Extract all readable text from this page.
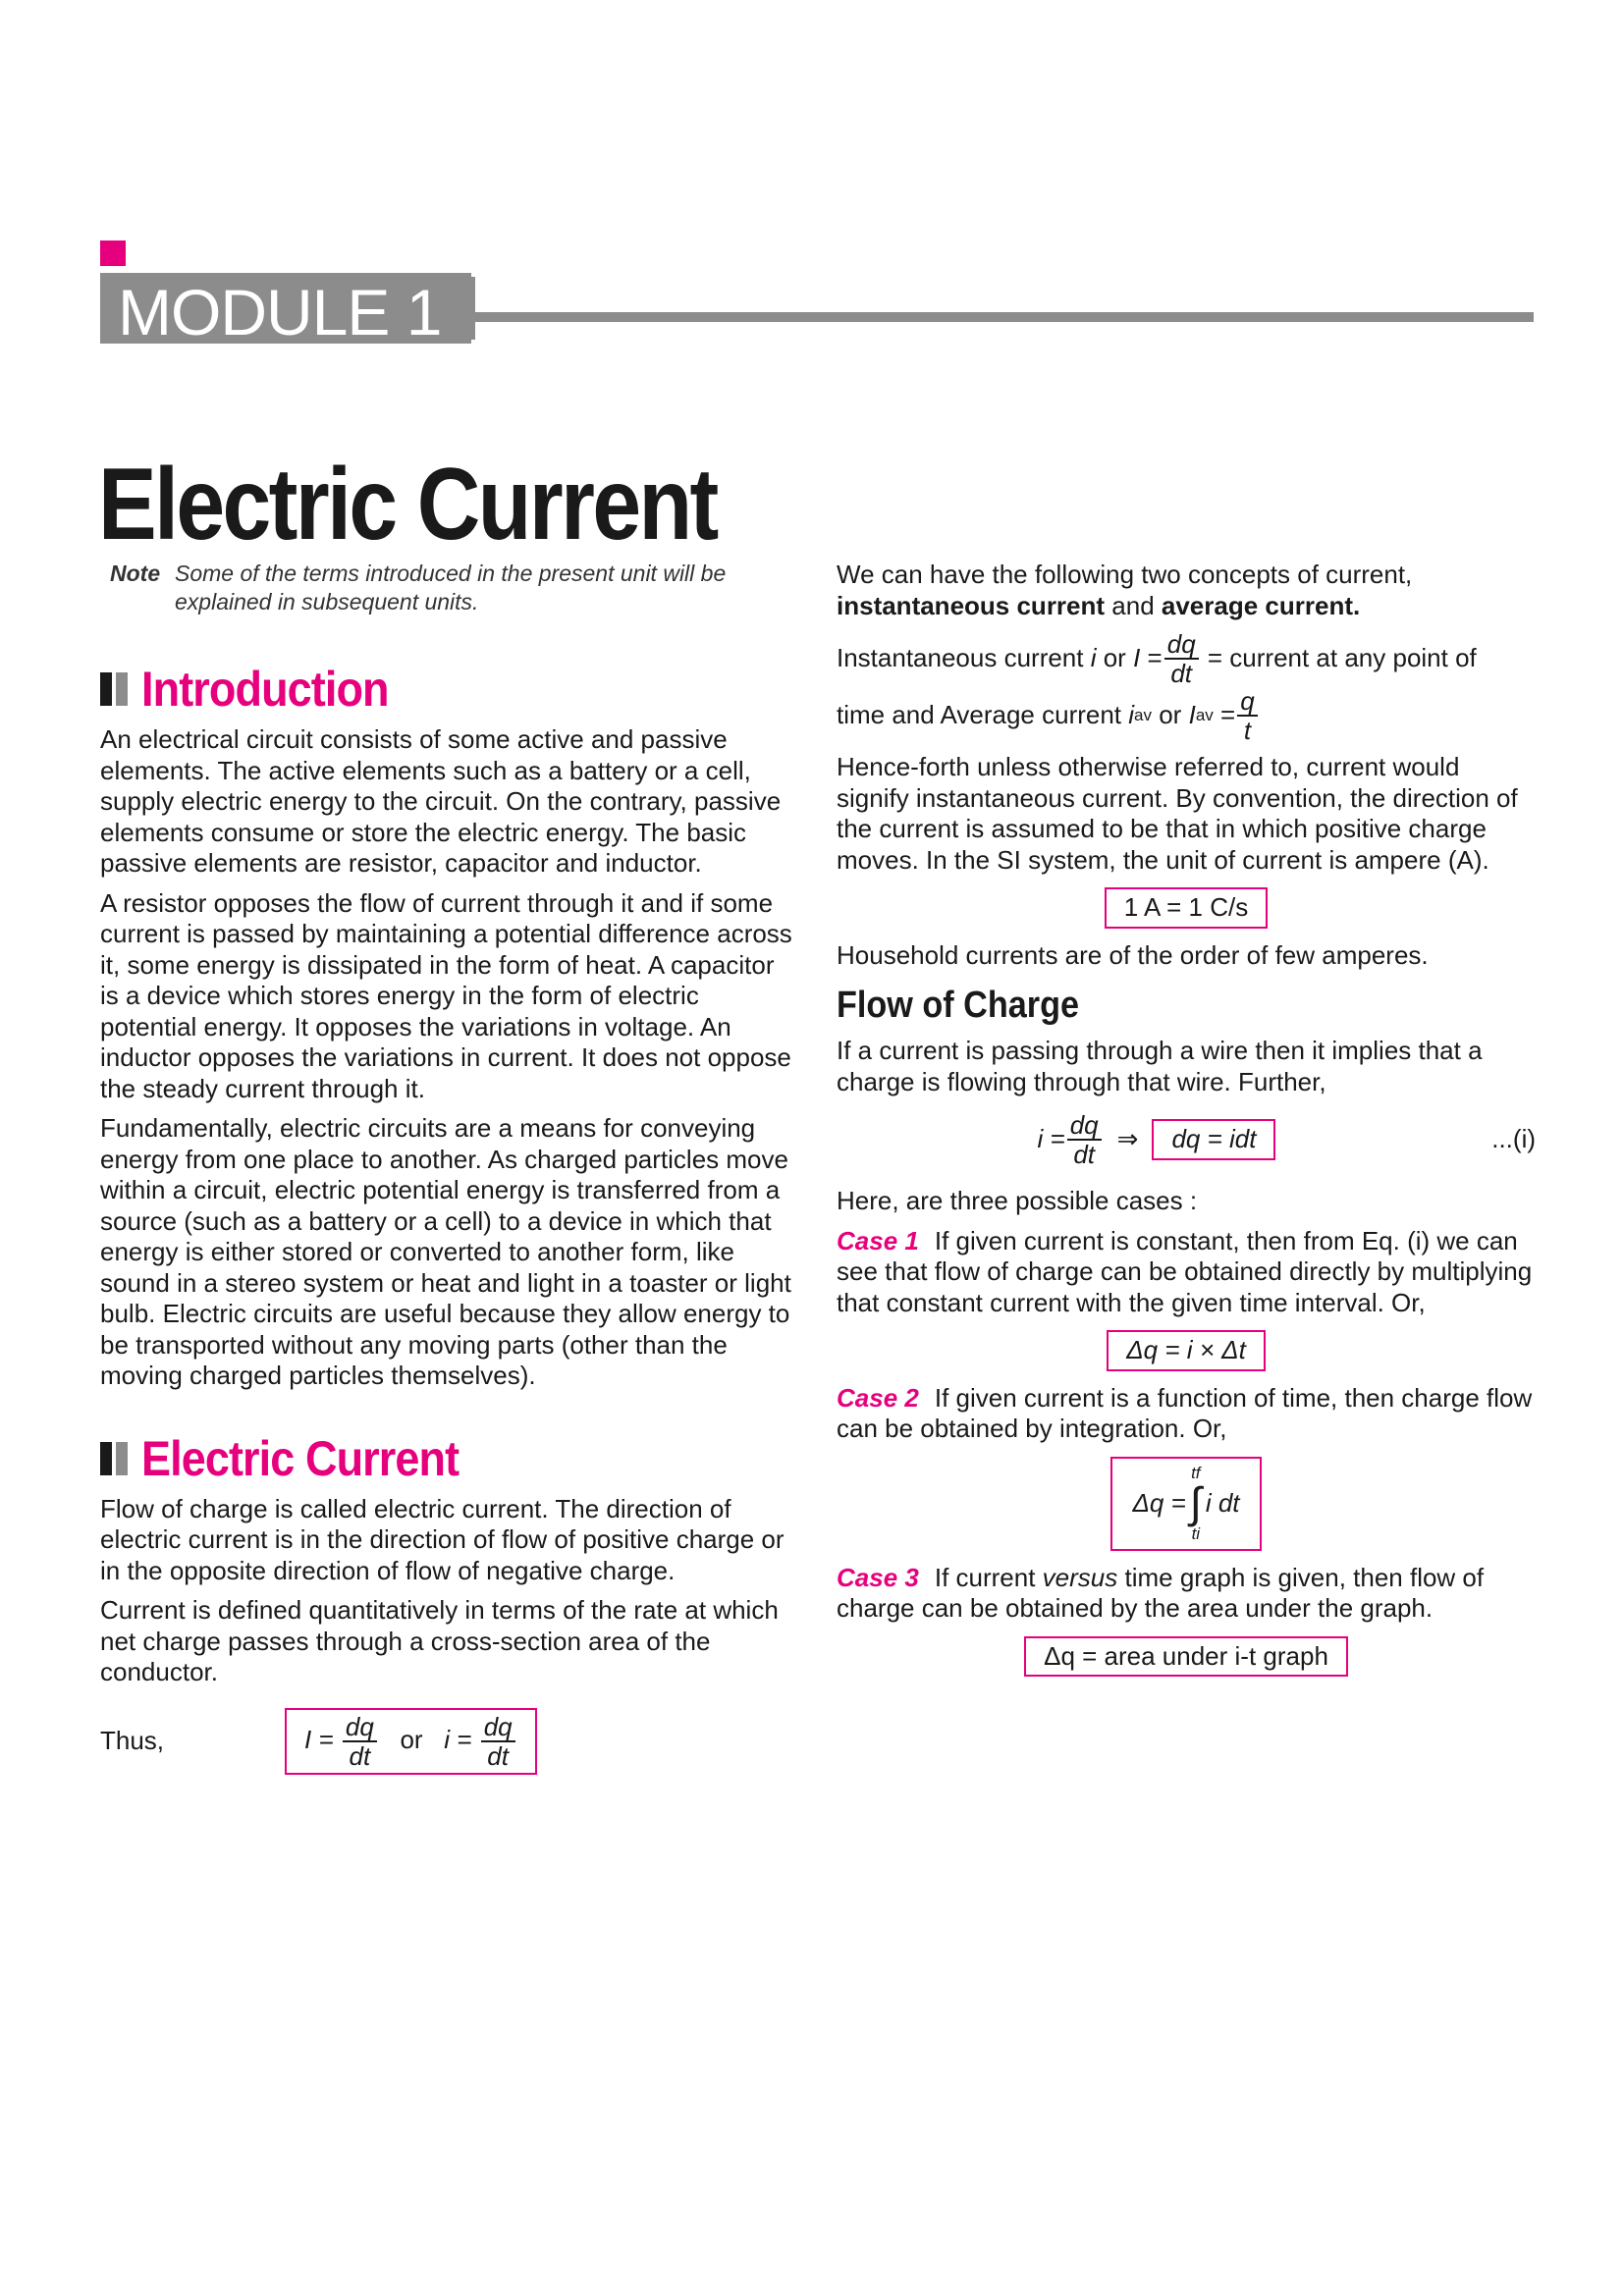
MODULE 1
Electric Current
Note Some of the terms introduced in the present unit will be explained in subsequent units.
Introduction

An electrical circuit consists of some active and passive elements. The active elements such as a battery or a cell, supply electric energy to the circuit. On the contrary, passive elements consume or store the electric energy. The basic passive elements are resistor, capacitor and inductor.

A resistor opposes the flow of current through it and if some current is passed by maintaining a potential difference across it, some energy is dissipated in the form of heat. A capacitor is a device which stores energy in the form of electric potential energy. It opposes the variations in voltage. An inductor opposes the variations in current. It does not oppose the steady current through it.

Fundamentally, electric circuits are a means for conveying energy from one place to another. As charged particles move within a circuit, electric potential energy is transferred from a source (such as a battery or a cell) to a device in which that energy is either stored or converted to another form, like sound in a stereo system or heat and light in a toaster or light bulb. Electric circuits are useful because they allow energy to be transported without any moving parts (other than the moving charged particles themselves).

Electric Current

Flow of charge is called electric current. The direction of electric current is in the direction of flow of positive charge or in the opposite direction of flow of negative charge.

Current is defined quantitatively in terms of the rate at which net charge passes through a cross-section area of the conductor.

Thus,	$I = \frac{dq}{dt}$ or $i = \frac{dq}{dt}$

We can have the following two concepts of current,
instantaneous current and average current.

Instantaneous current i or $I = \frac{dq}{dt}$ = current at any point of

time and Average current i av or I av = $\frac{q}{t}$

Hence-forth unless otherwise referred to, current would signify instantaneous current. By convention, the direction of the current is assumed to be that in which positive charge moves. In the SI system, the unit of current is ampere (A).

1 A = 1 C/s

Household currents are of the order of few amperes.

Flow of Charge

If a current is passing through a wire then it implies that a charge is flowing through that wire. Further,

$i = \frac{dq}{dt}$ ⇒	dq = idt	...(i)

Here, are three possible cases :

Case 1 If given current is constant, then from Eq. (i) we can see that flow of charge can be obtained directly by multiplying that constant current with the given time interval. Or,

Δq = i × Δt

Case 2 If given current is a function of time, then charge flow can be obtained by integration. Or,

Δq =
tf
∫
ti
i dt

Case 3 If current versus time graph is given, then flow of charge can be obtained by the area under the graph.

Δq = area under i-t graph
